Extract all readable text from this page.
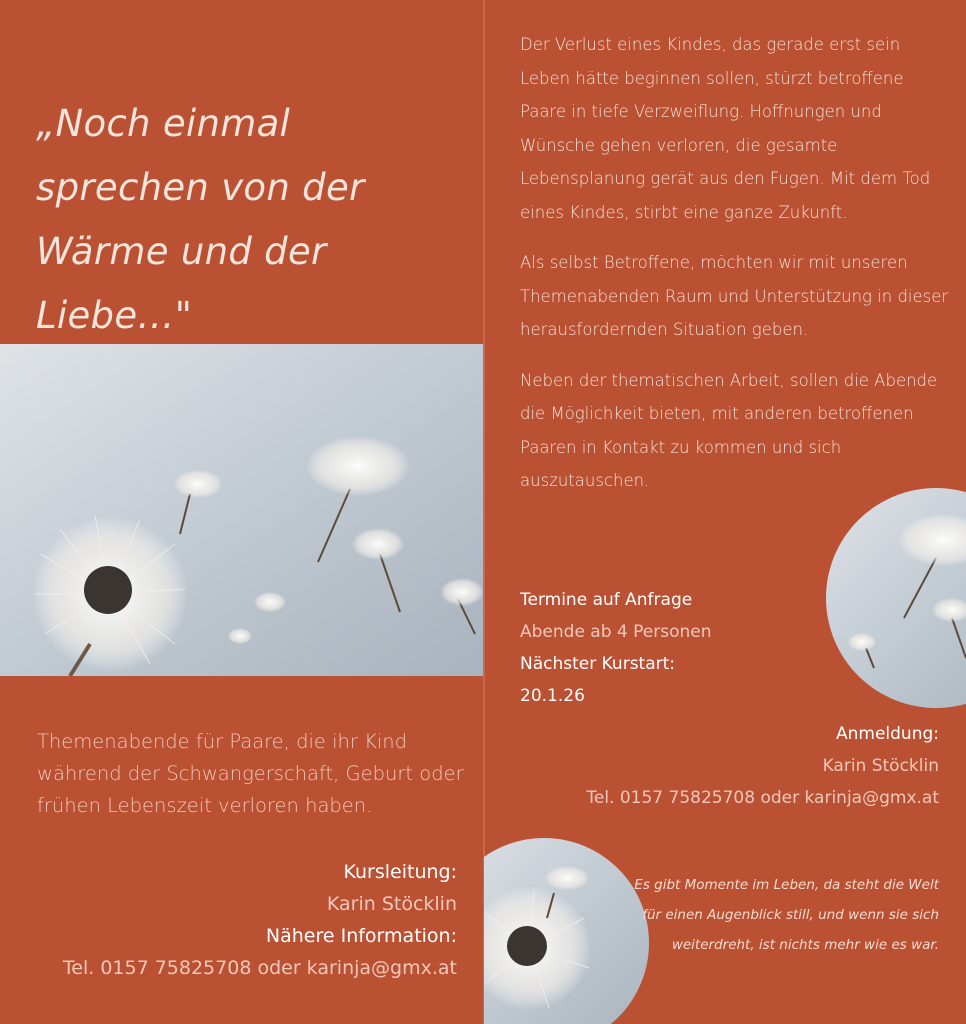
„Noch einmal sprechen von der Wärme und der Liebe…"
Themenabende für Paare, die ihr Kind während der Schwangerschaft, Geburt oder frühen Lebenszeit verloren haben.
Kursleitung:
Karin Stöcklin
Nähere Information:
Tel. 0157 75825708 oder karinja@gmx.at

Der Verlust eines Kindes, das gerade erst sein Leben hätte beginnen sollen, stürzt betroffene Paare in tiefe Verzweiflung. Hoffnungen und Wünsche gehen verloren, die gesamte Lebensplanung gerät aus den Fugen. Mit dem Tod eines Kindes, stirbt eine ganze Zukunft.

Als selbst Betroffene, möchten wir mit unseren Themenabenden Raum und Unterstützung in dieser herausfordernden Situation geben.

Neben der thematischen Arbeit, sollen die Abende die Möglichkeit bieten, mit anderen betroffenen Paaren in Kontakt zu kommen und sich auszutauschen.

Termine auf Anfrage
Abende ab 4 Personen
Nächster Kurstart:
20.1.26
Anmeldung:
Karin Stöcklin
Tel. 0157 75825708 oder karinja@gmx.at
Es gibt Momente im Leben, da steht die Welt für einen Augenblick still, und wenn sie sich weiterdreht, ist nichts mehr wie es war.
